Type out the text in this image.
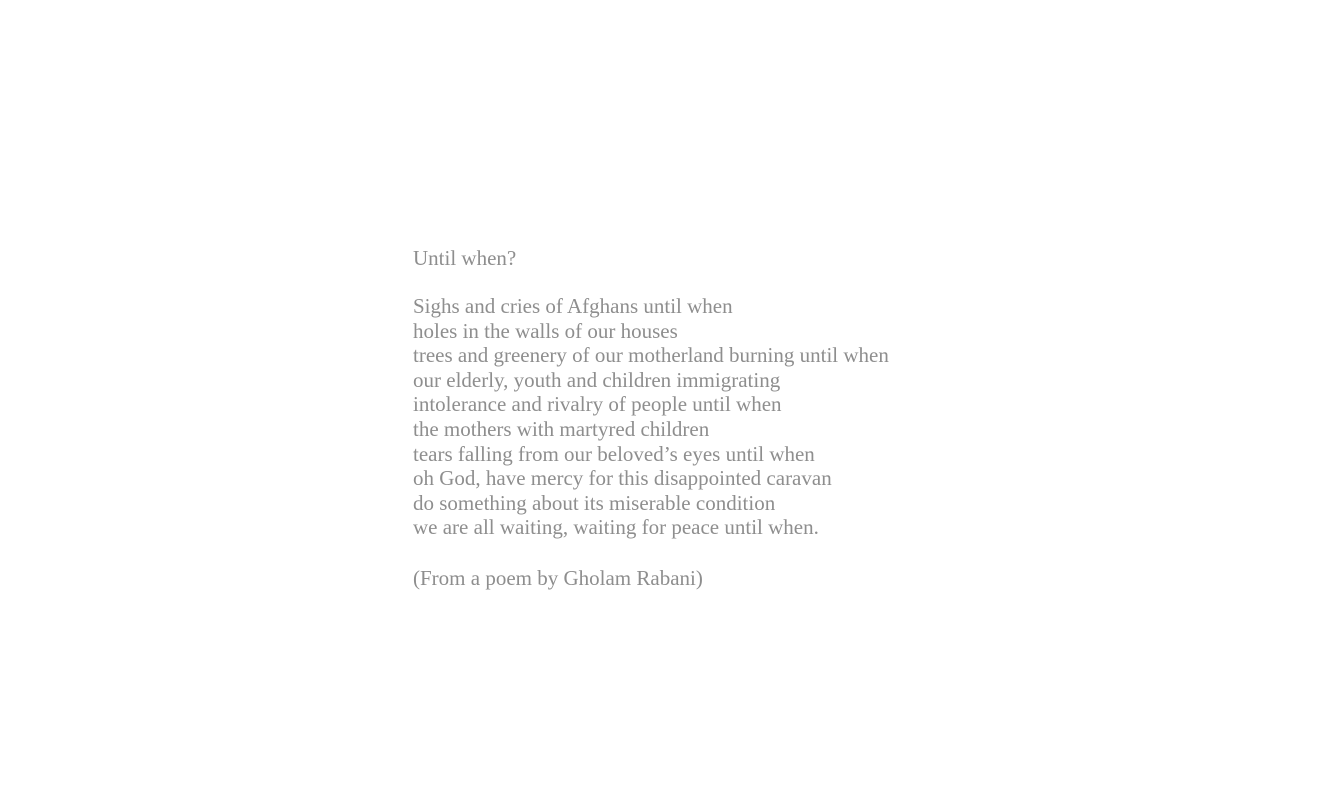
Until when?
Sighs and cries of Afghans until when
holes in the walls of our houses
trees and greenery of our motherland burning until when
our elderly, youth and children immigrating
intolerance and rivalry of people until when
the mothers with martyred children
tears falling from our beloved’s eyes until when
oh God, have mercy for this disappointed caravan
do something about its miserable condition
we are all waiting, waiting for peace until when.
(From a poem by Gholam Rabani)
